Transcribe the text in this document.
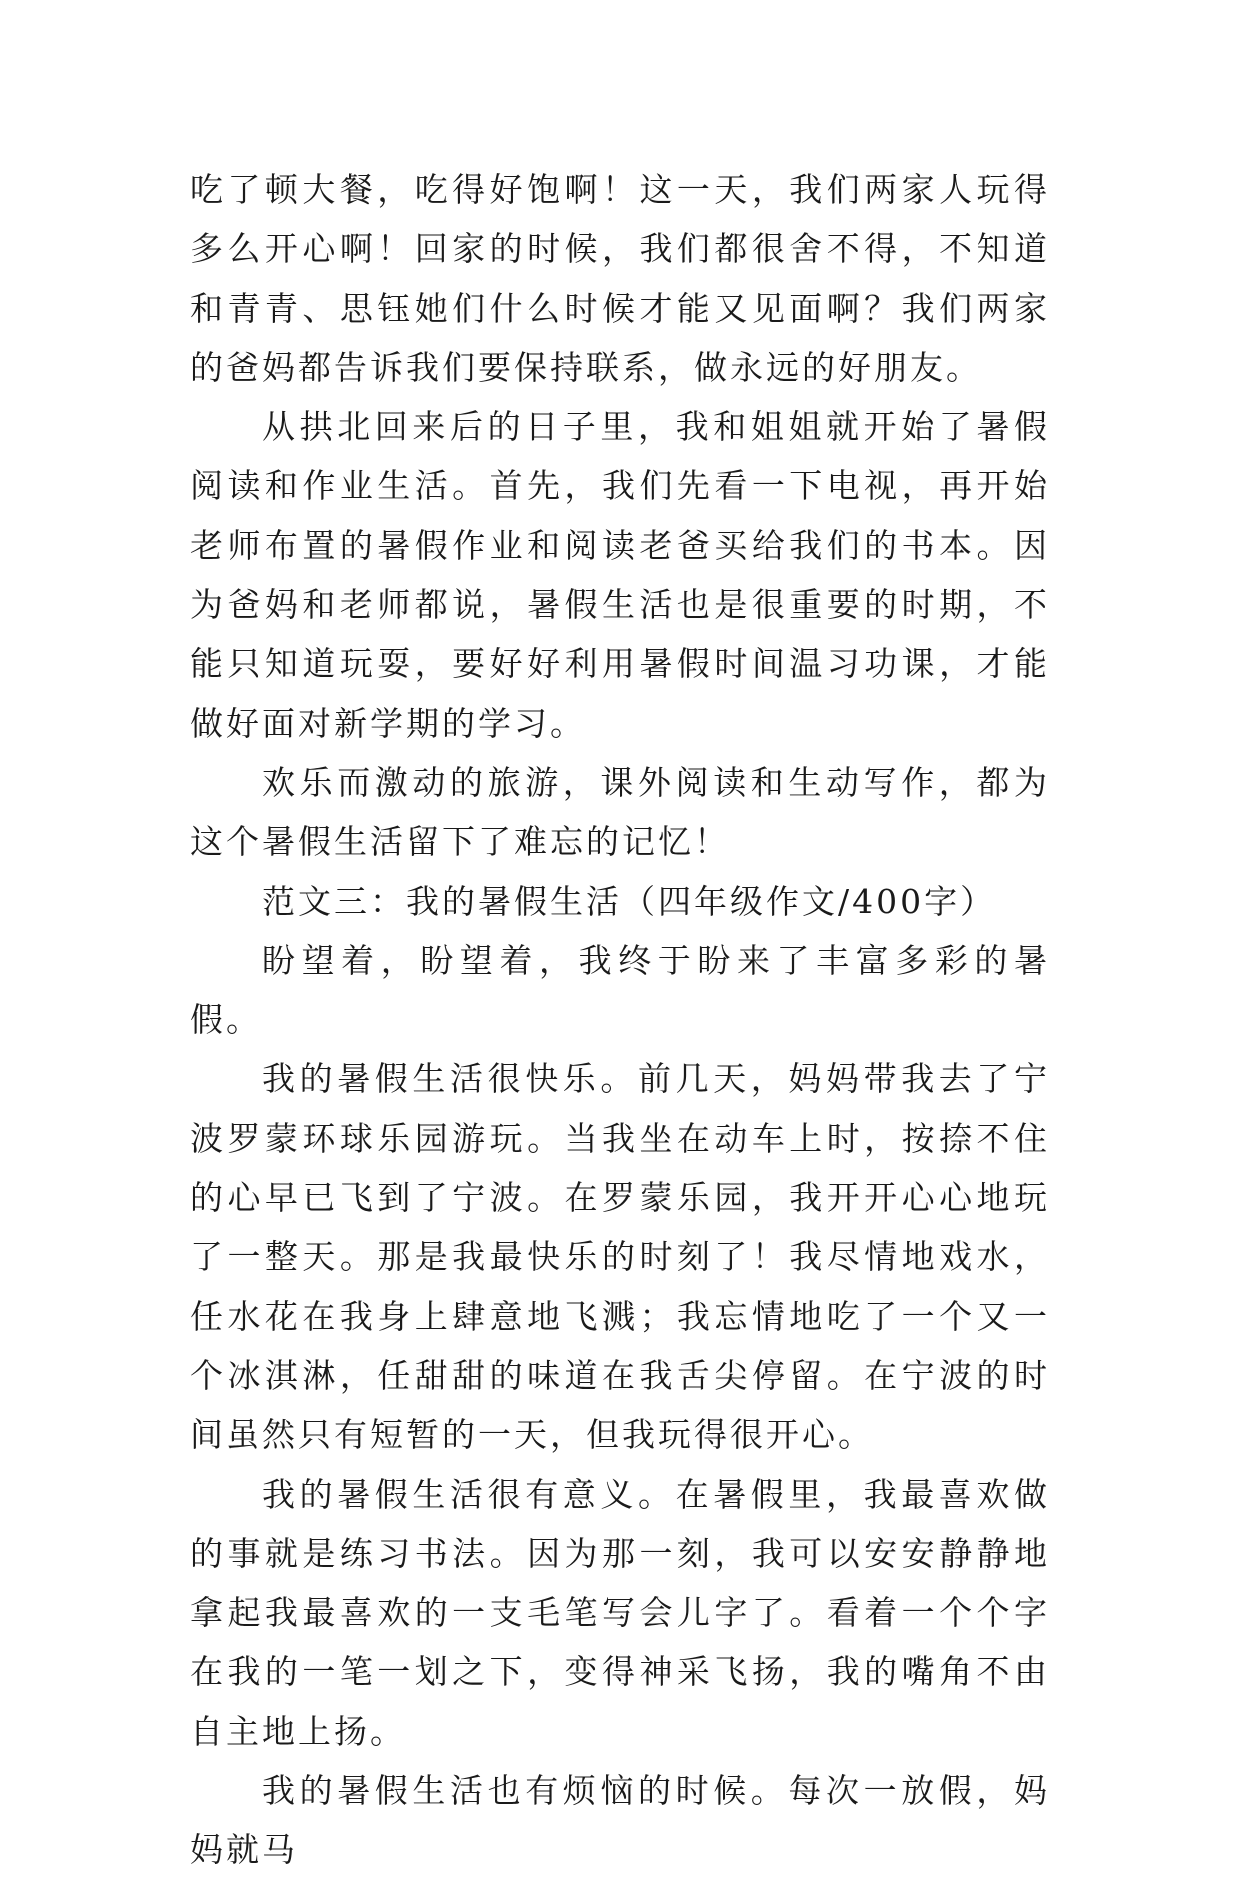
吃了顿大餐，吃得好饱啊！这一天，我们两家人玩得多么开心啊！回家的时候，我们都很舍不得，不知道和青青、思钰她们什么时候才能又见面啊？我们两家的爸妈都告诉我们要保持联系，做永远的好朋友。

从拱北回来后的日子里，我和姐姐就开始了暑假阅读和作业生活。首先，我们先看一下电视，再开始老师布置的暑假作业和阅读老爸买给我们的书本。因为爸妈和老师都说，暑假生活也是很重要的时期，不能只知道玩耍，要好好利用暑假时间温习功课，才能做好面对新学期的学习。

欢乐而激动的旅游，课外阅读和生动写作，都为这个暑假生活留下了难忘的记忆！

范文三：我的暑假生活（四年级作文/400字）

盼望着，盼望着，我终于盼来了丰富多彩的暑假。

我的暑假生活很快乐。前几天，妈妈带我去了宁波罗蒙环球乐园游玩。当我坐在动车上时，按捺不住的心早已飞到了宁波。在罗蒙乐园，我开开心心地玩了一整天。那是我最快乐的时刻了！我尽情地戏水，任水花在我身上肆意地飞溅；我忘情地吃了一个又一个冰淇淋，任甜甜的味道在我舌尖停留。在宁波的时间虽然只有短暂的一天，但我玩得很开心。

我的暑假生活很有意义。在暑假里，我最喜欢做的事就是练习书法。因为那一刻，我可以安安静静地拿起我最喜欢的一支毛笔写会儿字了。看着一个个字在我的一笔一划之下，变得神采飞扬，我的嘴角不由自主地上扬。

我的暑假生活也有烦恼的时候。每次一放假，妈妈就马
